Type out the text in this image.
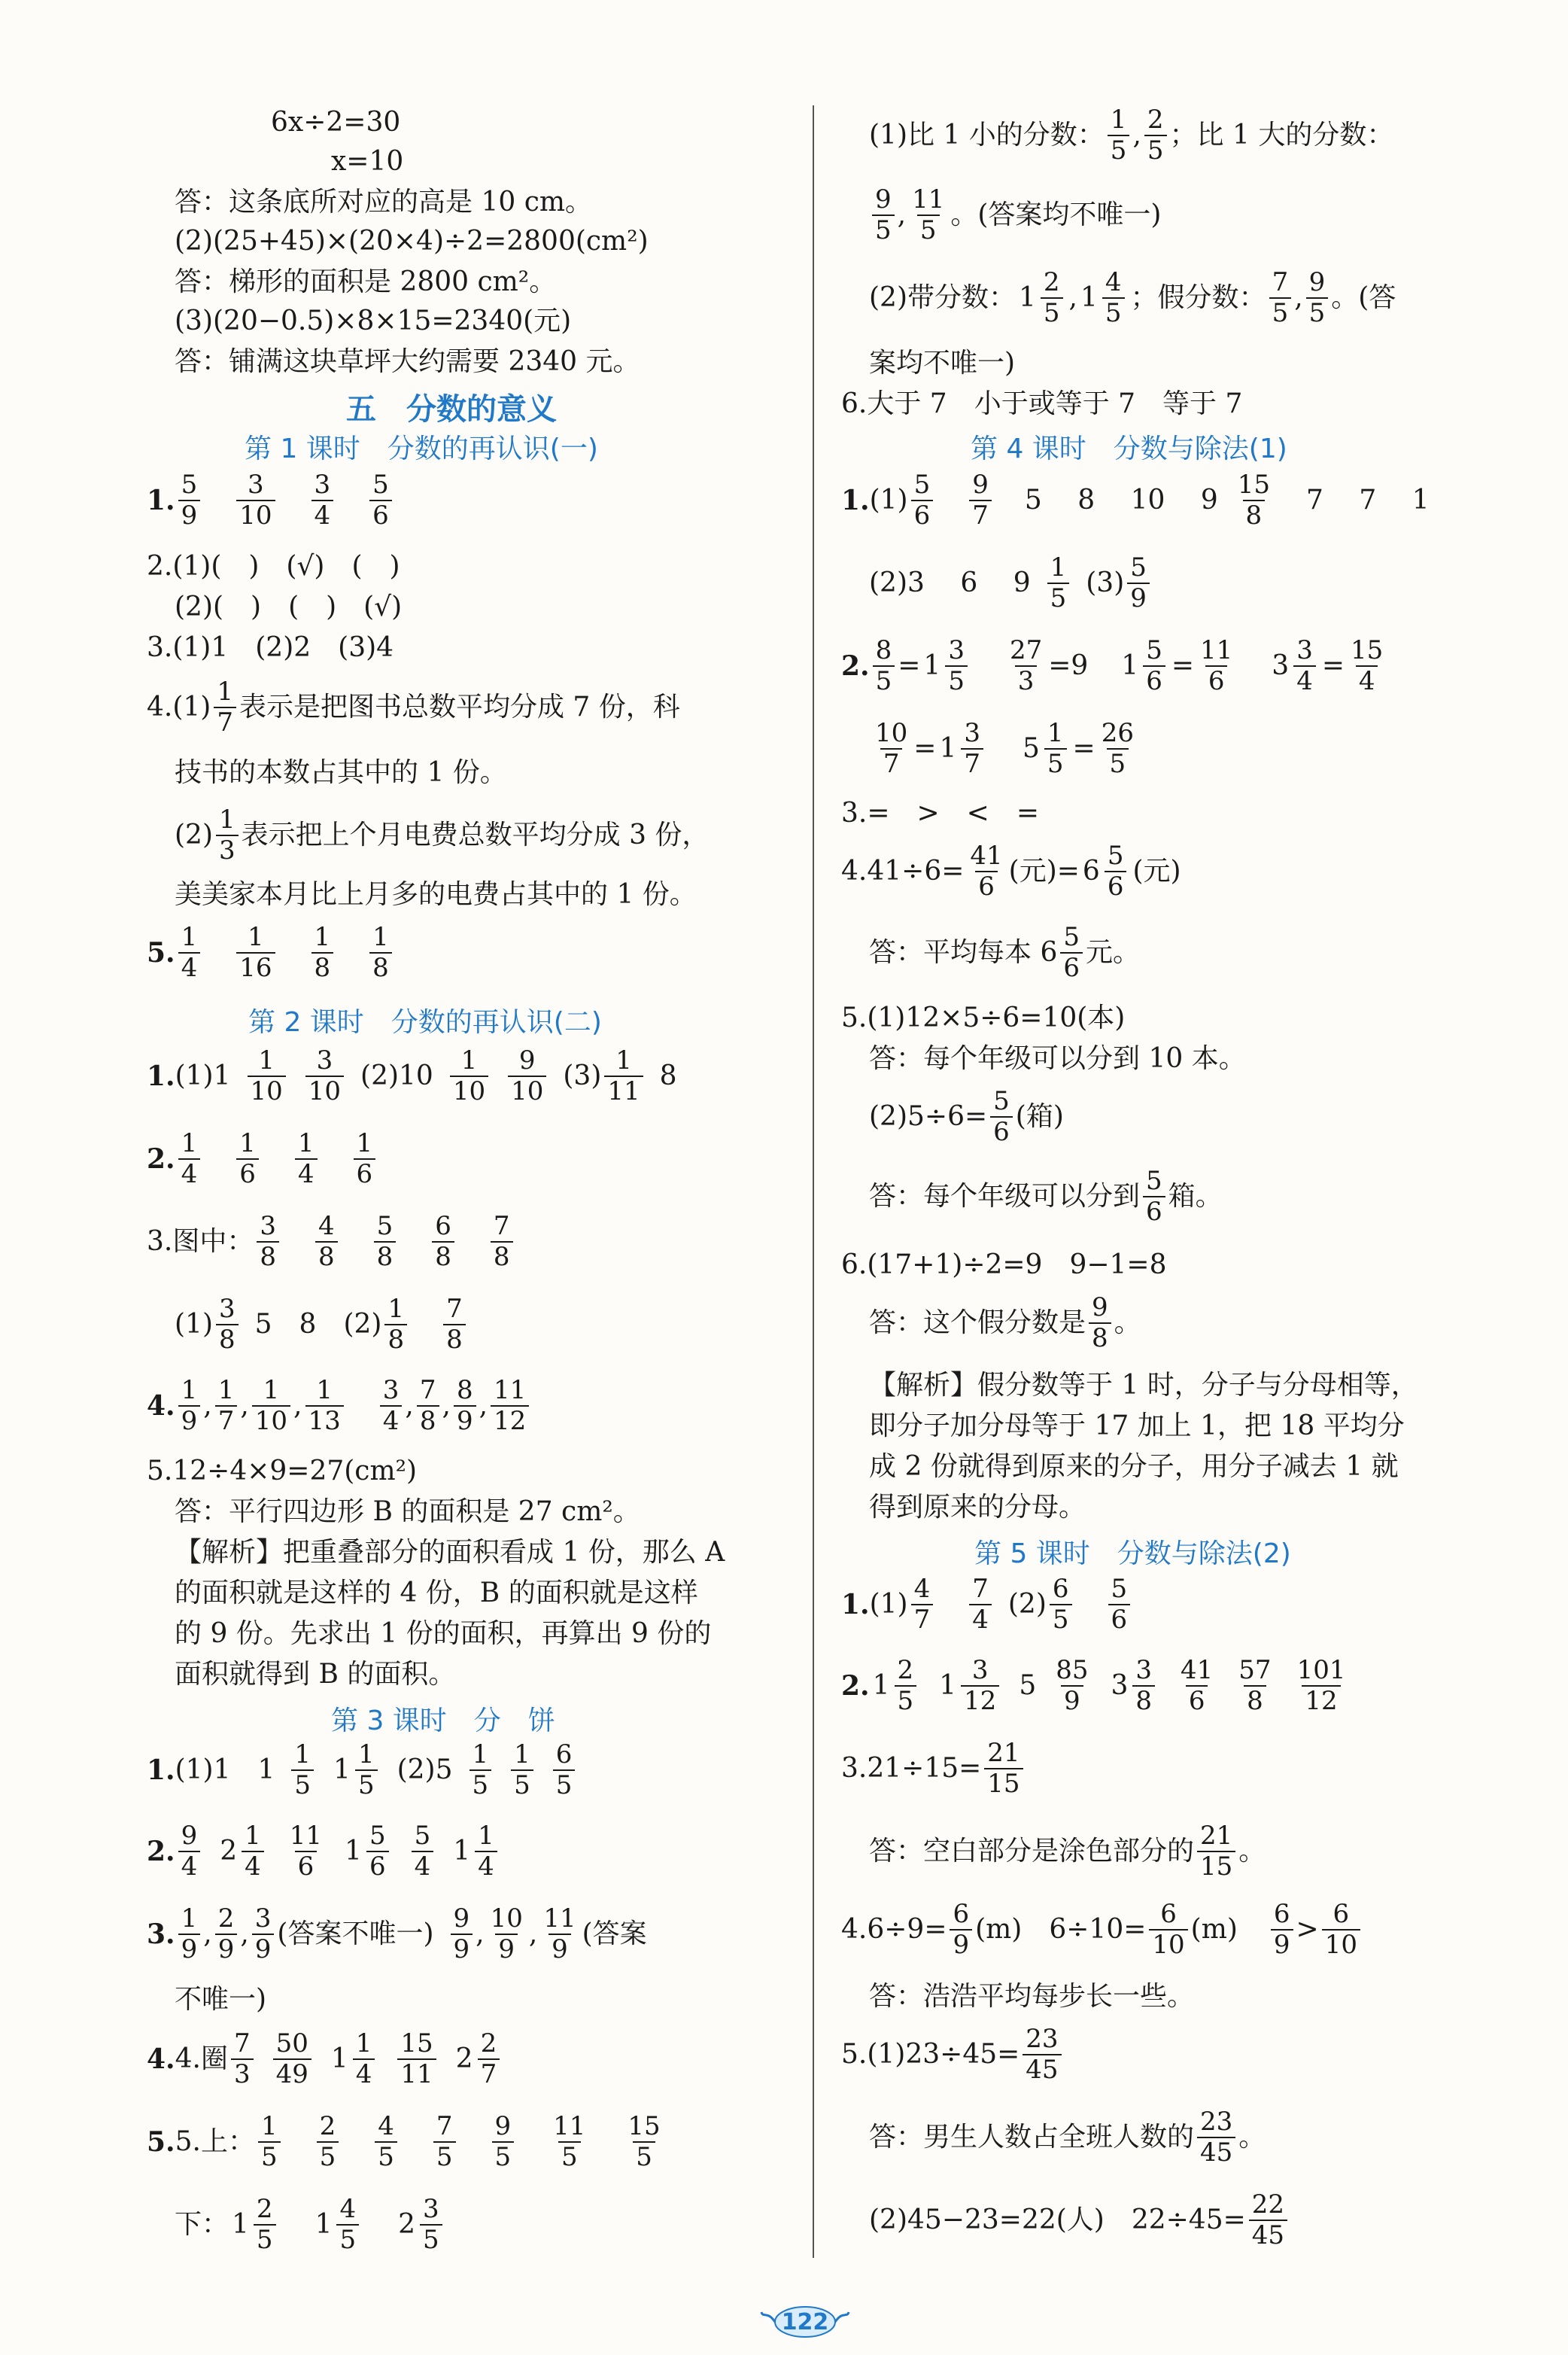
6x÷2=30
x=10
答：这条底所对应的高是 10 cm。
(2)(25+45)×(20×4)÷2=2800(cm²)
答：梯形的面积是 2800 cm²。
(3)(20−0.5)×8×15=2340(元)
答：铺满这块草坪大约需要 2340 元。
五　分数的意义
第 1 课时　分数的再认识(一)
1. $\frac{5}{9} \frac{3}{10} \frac{3}{4} \frac{5}{6}$
2.(1)(　)　(√)　(　)
(2)(　)　(　)　(√)
3.(1)1　(2)2　(3)4
$4.(1) \frac{1}{7}$ 表示是把图书总数平均分成 7 份，科
技书的本数占其中的 1 份。
$(2) \frac{1}{3}$ 表示把上个月电费总数平均分成 3 份，
美美家本月比上月多的电费占其中的 1 份。
5. $\frac{1}{4} \frac{1}{16} \frac{1}{8} \frac{1}{8}$
第 2 课时　分数的再认识(二)
1. $(1)1 \frac{1}{10} \frac{3}{10} (2)10 \frac{1}{10} \frac{9}{10} (3) \frac{1}{11} 8$
2. $\frac{1}{4} \frac{1}{6} \frac{1}{4} \frac{1}{6}$
3.图中： $\frac{3}{8} \frac{4}{8} \frac{5}{8} \frac{6}{8} \frac{7}{8}$
$(1) \frac{3}{8} 5$　8　$(2) \frac{1}{8} \frac{7}{8}$
4. $\frac{1}{9}$ , $\frac{1}{7}$ , $\frac{1}{10}$ , $\frac{1}{13} \frac{3}{4}$ , $\frac{7}{8}$ , $\frac{8}{9}$ , $\frac{11}{12}$
5.12÷4×9=27(cm²)
答：平行四边形 B 的面积是 27 cm²。
【解析】把重叠部分的面积看成 1 份，那么 A
的面积就是这样的 4 份，B 的面积就是这样
的 9 份。先求出 1 份的面积，再算出 9 份的
面积就得到 B 的面积。
第 3 课时　分　饼
1. (1)1　$1 \frac{1}{5} 1 \frac{1}{5} (2)5 \frac{1}{5} \frac{1}{5} \frac{6}{5}$
2. $\frac{9}{4} 2 \frac{1}{4} \frac{11}{6} 1 \frac{5}{6} \frac{5}{4} 1 \frac{1}{4}$
3. $\frac{1}{9}$ , $\frac{2}{9}$ , $\frac{3}{9}$ (答案不唯一) $\frac{9}{9}$ , $\frac{10}{9}$ , $\frac{11}{9}$ (答案
不唯一)
4. 4.圈 $\frac{7}{3} \frac{50}{49} 1 \frac{1}{4} \frac{15}{11} 2 \frac{2}{7}$
5. 5.上： $\frac{1}{5} \frac{2}{5} \frac{4}{5} \frac{7}{5} \frac{9}{5} \frac{11}{5} \frac{15}{5}$
下： $1 \frac{2}{5} 1 \frac{4}{5} 2 \frac{3}{5}$
(1)比 1 小的分数： $\frac{1}{5}$ , $\frac{2}{5}$ ；比 1 大的分数：
$\frac{9}{5}$ , $\frac{11}{5}$ 。(答案均不唯一)
(2)带分数： $1 \frac{2}{5}$ , $1 \frac{4}{5}$ ；假分数： $\frac{7}{5}$ , $\frac{9}{5}$ 。(答
案均不唯一)
6.大于 7　小于或等于 7　等于 7
第 4 课时　分数与除法(1)
1. $(1) \frac{5}{6} \frac{9}{7} 5$　 8　 10　 $9 \frac{15}{8} 7$　 7　 1
(2)3　 6　 $9 \frac{1}{5} (3) \frac{5}{9}$
2. $\frac{8}{5} = 1 \frac{3}{5} \frac{27}{3} =9$ $1 \frac{5}{6} = \frac{11}{6} 3 \frac{3}{4} = \frac{15}{4}$
$\frac{10}{7} = 1 \frac{3}{7} 5 \frac{1}{5} = \frac{26}{5}$
3.=　>　<　=
$4.41\div 6= \frac{41}{6}$ (元)= $6 \frac{5}{6}$ (元)
答：平均每本 $6 \frac{5}{6}$ 元。
5.(1)12×5÷6=10(本)
答：每个年级可以分到 10 本。
$(2)5\div 6= \frac{5}{6}$ (箱)
答：每个年级可以分到 $\frac{5}{6}$ 箱。
6.(17+1)÷2=9　9−1=8
答：这个假分数是 $\frac{9}{8}$ 。
【解析】假分数等于 1 时，分子与分母相等，
即分子加分母等于 17 加上 1，把 18 平均分
成 2 份就得到原来的分子，用分子减去 1 就
得到原来的分母。
第 5 课时　分数与除法(2)
1. $(1) \frac{4}{7} \frac{7}{4} (2) \frac{6}{5} \frac{5}{6}$
2. $1 \frac{2}{5} 1 \frac{3}{12} 5 \frac{85}{9} 3 \frac{3}{8} \frac{41}{6} \frac{57}{8} \frac{101}{12}$
$3.21\div 15= \frac{21}{15}$
答：空白部分是涂色部分的 $\frac{21}{15}$ 。
$4.6\div 9= \frac{6}{9} (m)$　$6\div 10= \frac{6}{10} (m) \frac{6}{9} > \frac{6}{10}$
答：浩浩平均每步长一些。
$5.(1)23\div 45= \frac{23}{45}$
答：男生人数占全班人数的 $\frac{23}{45}$ 。
(2)45−23=22(人)　$22\div 45= \frac{22}{45}$
122
